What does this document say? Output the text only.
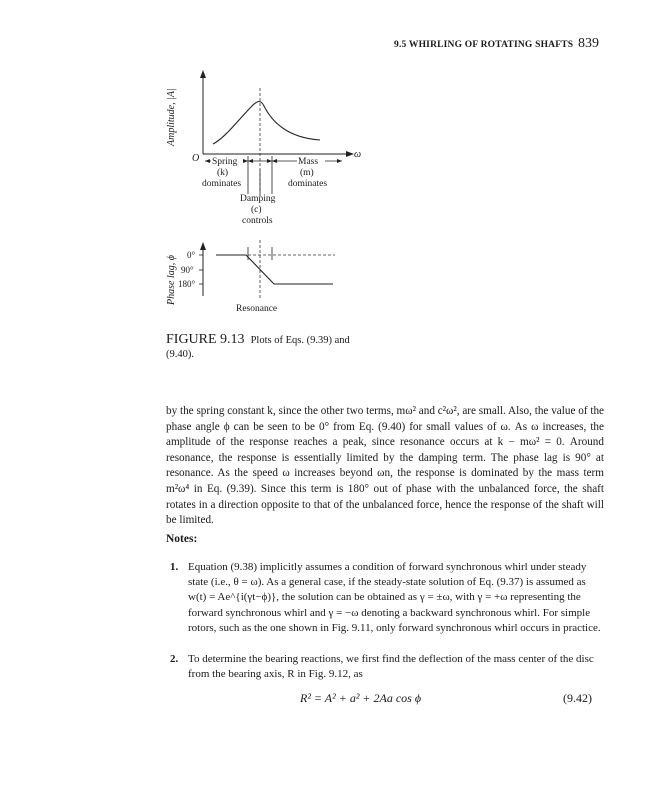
9.5 WHIRLING OF ROTATING SHAFTS 839
Amplitude, |A|
ω
O Spring
(k)
dominates
Mass
(m)
dominates
Damping
(c)
controls
Phase lag, ϕ
0°
90°
180°
Resonance
FIGURE 9.13 Plots of Eqs. (9.39) and (9.40).
by the spring constant k, since the other two terms, mω² and c²ω², are small. Also, the value of the phase angle ϕ can be seen to be 0° from Eq. (9.40) for small values of ω. As ω increases, the amplitude of the response reaches a peak, since resonance occurs at k − mω² = 0. Around resonance, the response is essentially limited by the damping term. The phase lag is 90° at resonance. As the speed ω increases beyond ωn, the response is dominated by the mass term m²ω⁴ in Eq. (9.39). Since this term is 180° out of phase with the unbalanced force, the shaft rotates in a direction opposite to that of the unbalanced force, hence the response of the shaft will be limited.
Notes:
1. Equation (9.38) implicitly assumes a condition of forward synchronous whirl under steady state (i.e., θ = ω). As a general case, if the steady-state solution of Eq. (9.37) is assumed as w(t) = Ae^{i(γt−ϕ)}, the solution can be obtained as γ = ±ω, with γ = +ω representing the forward synchronous whirl and γ = −ω denoting a backward synchronous whirl. For simple rotors, such as the one shown in Fig. 9.11, only forward synchronous whirl occurs in practice.
2. To determine the bearing reactions, we first find the deflection of the mass center of the disc from the bearing axis, R in Fig. 9.12, as
R² = A² + a² + 2Aa cos ϕ	(9.42)
